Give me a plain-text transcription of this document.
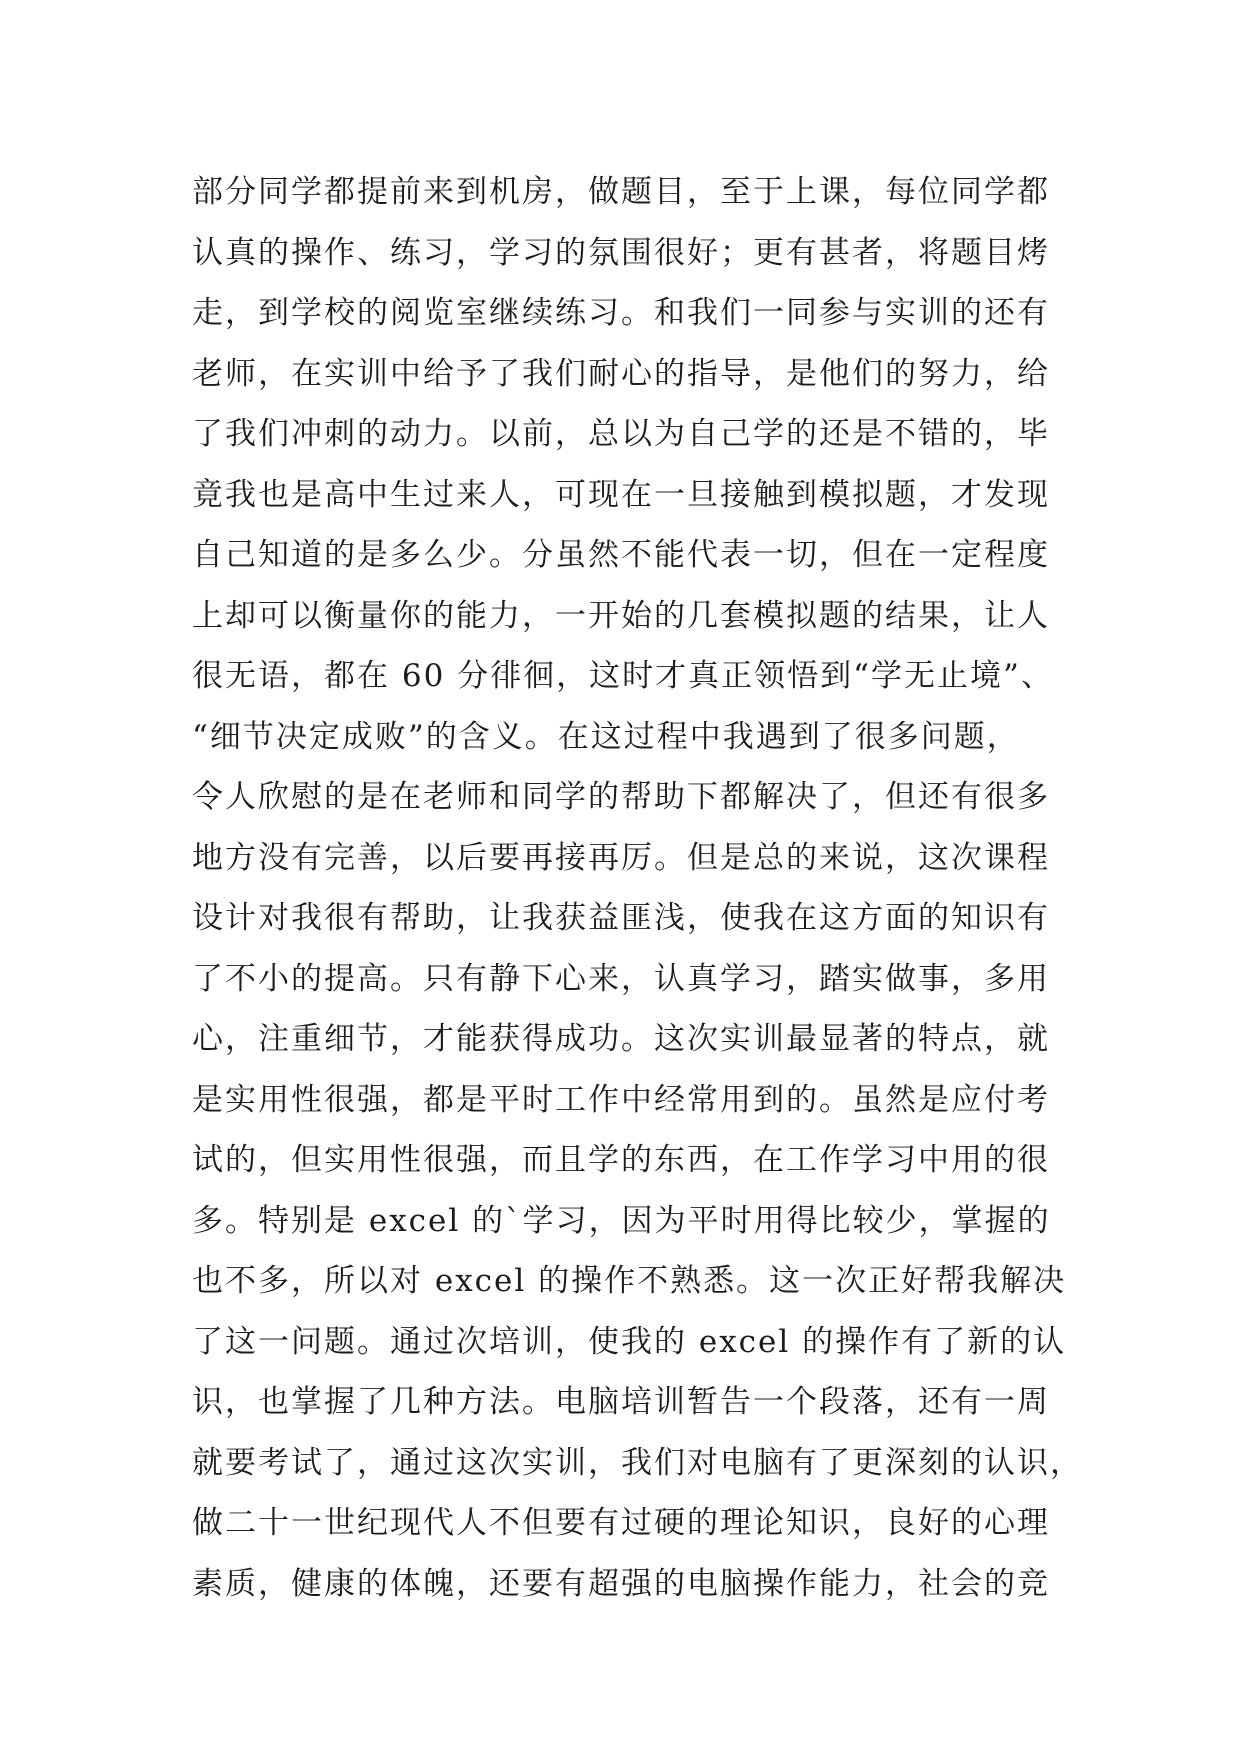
部分同学都提前来到机房，做题目，至于上课，每位同学都
认真的操作、练习，学习的氛围很好；更有甚者，将题目烤
走，到学校的阅览室继续练习。和我们一同参与实训的还有
老师，在实训中给予了我们耐心的指导，是他们的努力，给
了我们冲刺的动力。以前，总以为自己学的还是不错的，毕
竟我也是高中生过来人，可现在一旦接触到模拟题，才发现
自己知道的是多么少。分虽然不能代表一切，但在一定程度
上却可以衡量你的能力，一开始的几套模拟题的结果，让人
很无语，都在 60 分徘徊，这时才真正领悟到“学无止境”、
“细节决定成败”的含义。在这过程中我遇到了很多问题，
令人欣慰的是在老师和同学的帮助下都解决了，但还有很多
地方没有完善，以后要再接再厉。但是总的来说，这次课程
设计对我很有帮助，让我获益匪浅，使我在这方面的知识有
了不小的提高。只有静下心来，认真学习，踏实做事，多用
心，注重细节，才能获得成功。这次实训最显著的特点，就
是实用性很强，都是平时工作中经常用到的。虽然是应付考
试的，但实用性很强，而且学的东西，在工作学习中用的很
多。特别是 excel 的`学习，因为平时用得比较少，掌握的
也不多，所以对 excel 的操作不熟悉。这一次正好帮我解决
了这一问题。通过次培训，使我的 excel 的操作有了新的认
识，也掌握了几种方法。电脑培训暂告一个段落，还有一周
就要考试了，通过这次实训，我们对电脑有了更深刻的认识，
做二十一世纪现代人不但要有过硬的理论知识，良好的心理
素质，健康的体魄，还要有超强的电脑操作能力，社会的竞
